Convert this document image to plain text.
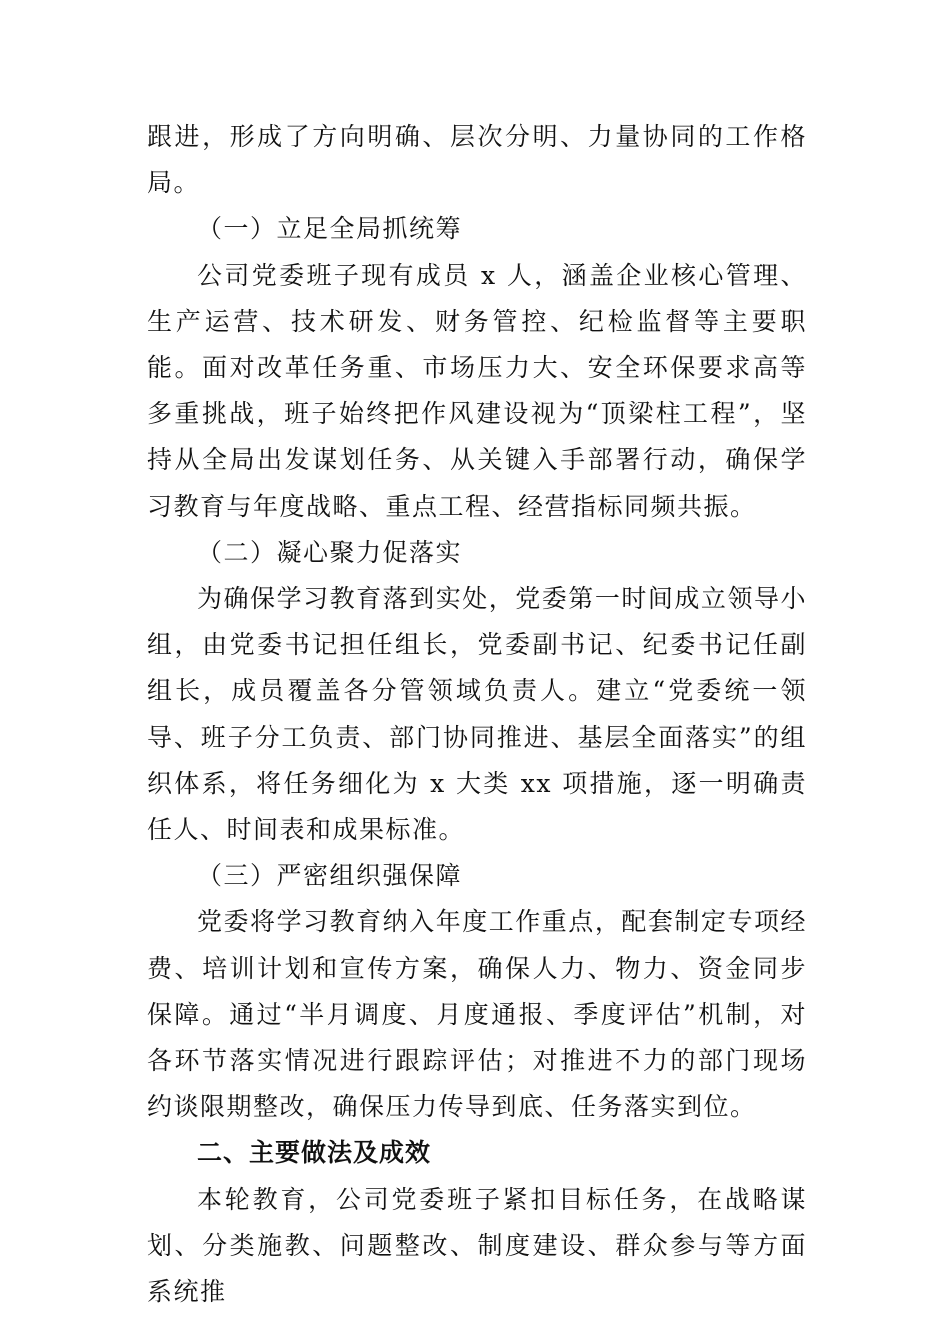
跟进，形成了方向明确、层次分明、力量协同的工作格局。

（一）立足全局抓统筹

公司党委班子现有成员 x 人，涵盖企业核心管理、生产运营、技术研发、财务管控、纪检监督等主要职能。面对改革任务重、市场压力大、安全环保要求高等多重挑战，班子始终把作风建设视为“顶梁柱工程”，坚持从全局出发谋划任务、从关键入手部署行动，确保学习教育与年度战略、重点工程、经营指标同频共振。

（二）凝心聚力促落实

为确保学习教育落到实处，党委第一时间成立领导小组，由党委书记担任组长，党委副书记、纪委书记任副组长，成员覆盖各分管领域负责人。建立“党委统一领导、班子分工负责、部门协同推进、基层全面落实”的组织体系，将任务细化为 x 大类 xx 项措施，逐一明确责任人、时间表和成果标准。

（三）严密组织强保障

党委将学习教育纳入年度工作重点，配套制定专项经费、培训计划和宣传方案，确保人力、物力、资金同步保障。通过“半月调度、月度通报、季度评估”机制，对各环节落实情况进行跟踪评估；对推进不力的部门现场约谈限期整改，确保压力传导到底、任务落实到位。

二、主要做法及成效

本轮教育，公司党委班子紧扣目标任务，在战略谋划、分类施教、问题整改、制度建设、群众参与等方面系统推
